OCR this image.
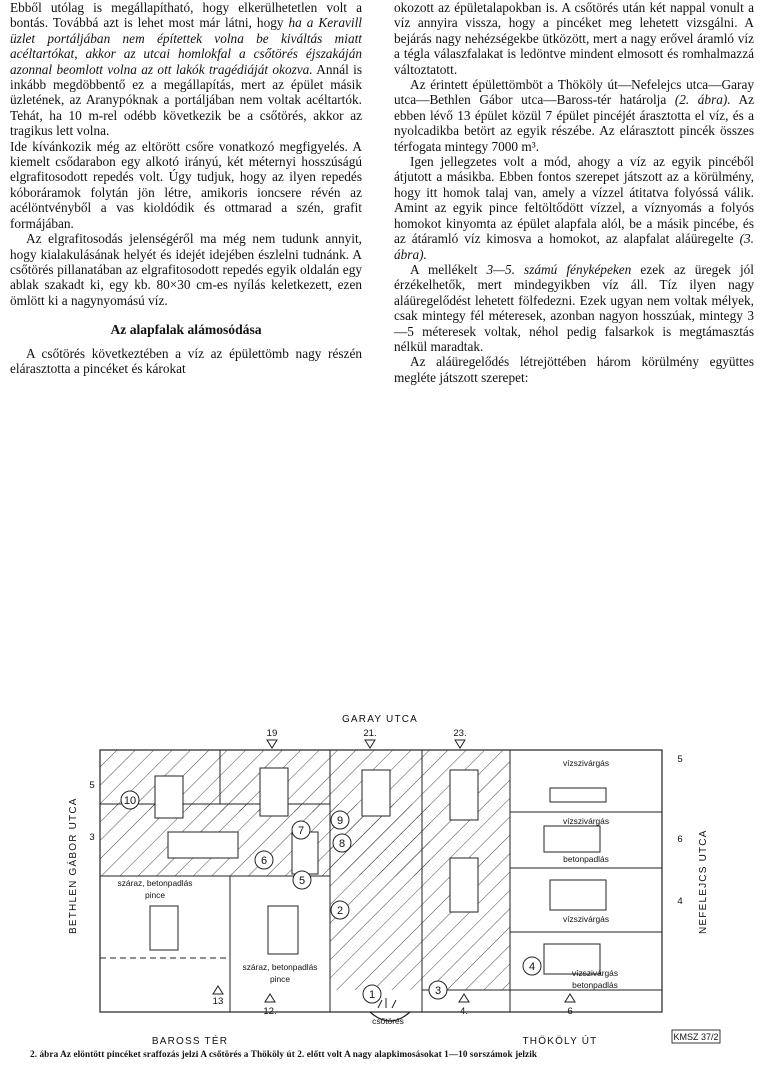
Ebből utólag is megállapítható, hogy elkerülhetetlen volt a bontás. Továbbá azt is lehet most már látni, hogy ha a Keravill üzlet portáljában nem építettek volna be kiváltás miatt acéltartókat, akkor az utcai homlokfal a csőtörés éjszakáján azonnal beomlott volna az ott lakók tragédiáját okozva. Annál is inkább megdöbbentő ez a megállapítás, mert az épület másik üzletének, az Aranypóknak a portáljában nem voltak acéltartók. Tehát, ha 10 m-rel odébb következik be a csőtörés, akkor az tragikus lett volna.

Ide kívánkozik még az eltörött csőre vonatkozó megfigyelés. A kiemelt csődarabon egy alkotó irányú, két méternyi hosszúságú elgrafitosodott repedés volt. Úgy tudjuk, hogy az ilyen repedés kóboráramok folytán jön létre, amikoris ioncsere révén az acélöntvényből a vas kioldódik és ottmarad a szén, grafit formájában.

Az elgrafitosodás jelenségéről ma még nem tudunk annyit, hogy kialakulásának helyét és idejét idejében észlelni tudnánk. A csőtörés pillanatában az elgrafitosodott repedés egyik oldalán egy ablak szakadt ki, egy kb. 80×30 cm-es nyílás keletkezett, ezen ömlött ki a nagynyomású víz.

Az alapfalak alámosódása

A csőtörés következtében a víz az épülettömb nagy részén elárasztotta a pincéket és károkat

okozott az épületalapokban is. A csőtörés után két nappal vonult a víz annyira vissza, hogy a pincéket meg lehetett vizsgálni. A bejárás nagy nehézségekbe ütközött, mert a nagy erővel áramló víz a tégla válaszfalakat is ledöntve mindent elmosott és romhalmazzá változtatott.

Az érintett épülettömböt a Thököly út—Nefelejcs utca—Garay utca—Bethlen Gábor utca—Baross-tér határolja (2. ábra). Az ebben lévő 13 épület közül 7 épület pincéjét árasztotta el víz, és a nyolcadikba betört az egyik részébe. Az elárasztott pincék összes térfogata mintegy 7000 m³.

Igen jellegzetes volt a mód, ahogy a víz az egyik pincéből átjutott a másikba. Ebben fontos szerepet játszott az a körülmény, hogy itt homok talaj van, amely a vízzel átitatva folyóssá válik. Amint az egyik pince feltöltődött vízzel, a víznyomás a folyós homokot kinyomta az épület alapfala alól, be a másik pincébe, és az átáramló víz kimosva a homokot, az alapfalat aláüregelte (3. ábra).

A mellékelt 3—5. számú fényképeken ezek az üregek jól érzékelhetők, mert mindegyikben víz áll. Tíz ilyen nagy aláüregelődést lehetett fölfedezni. Ezek ugyan nem voltak mélyek, csak mintegy fél méteresek, azonban nagyon hosszúak, mintegy 3—5 méteresek voltak, néhol pedig falsarkok is megtámasztás nélkül maradtak.

Az aláüregelődés létrejöttében három körülmény együttes megléte játszott szerepet:

10
7
9
8
6
5
2
1	3
4
vízszivárgás
vízszivárgás
betonpadlás
vízszivárgás
vízszivárgás
betonpadlás
száraz, betonpadlás
pince
száraz, betonpadlás
pince
csőtörés
GARAY UTCA
BAROSS TÉR	THÖKÖLY ÚT
BETHLEN GÁBOR UTCA	NEFELEJCS UTCA
19	21.	23.
5
3
5
6
4
13
12.	4.	6
KMSZ 37/2
2. ábra Az elöntött pincéket sraffozás jelzi A csőtörés a Thököly út 2. előtt volt A nagy alapkimosásokat 1—10 sorszámok jelzik
